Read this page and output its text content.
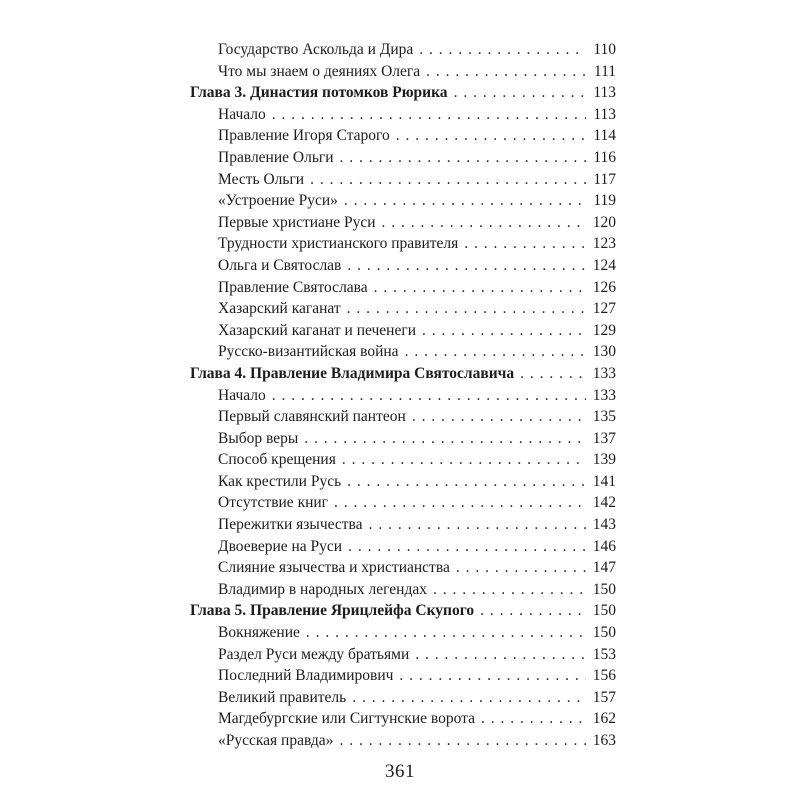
Государство Аскольда и Дира . . .	110
Что мы знаем о деяниях Олега . . .	111
Глава 3. Династия потомков Рюрика . . .	113
Начало . . .	113
Правление Игоря Старого . . .	114
Правление Ольги . . .	116
Месть Ольги . . .	117
«Устроение Руси» . . .	119
Первые христиане Руси . . .	120
Трудности христианского правителя . . .	123
Ольга и Святослав . . .	124
Правление Святослава . . .	126
Хазарский каганат . . .	127
Хазарский каганат и печенеги . . .	129
Русско-византийская война . . .	130
Глава 4. Правление Владимира Святославича . . .	133
Начало . . .	133
Первый славянский пантеон . . .	135
Выбор веры . . .	137
Способ крещения . . .	139
Как крестили Русь . . .	141
Отсутствие книг . . .	142
Пережитки язычества . . .	143
Двоеверие на Руси . . .	146
Слияние язычества и христианства . . .	147
Владимир в народных легендах . . .	150
Глава 5. Правление Ярицлейфа Скупого . . .	150
Вокняжение . . .	150
Раздел Руси между братьями . . .	153
Последний Владимирович . . .	156
Великий правитель . . .	157
Магдебургские или Сигтунские ворота . . .	162
«Русская правда» . . .	163
361
